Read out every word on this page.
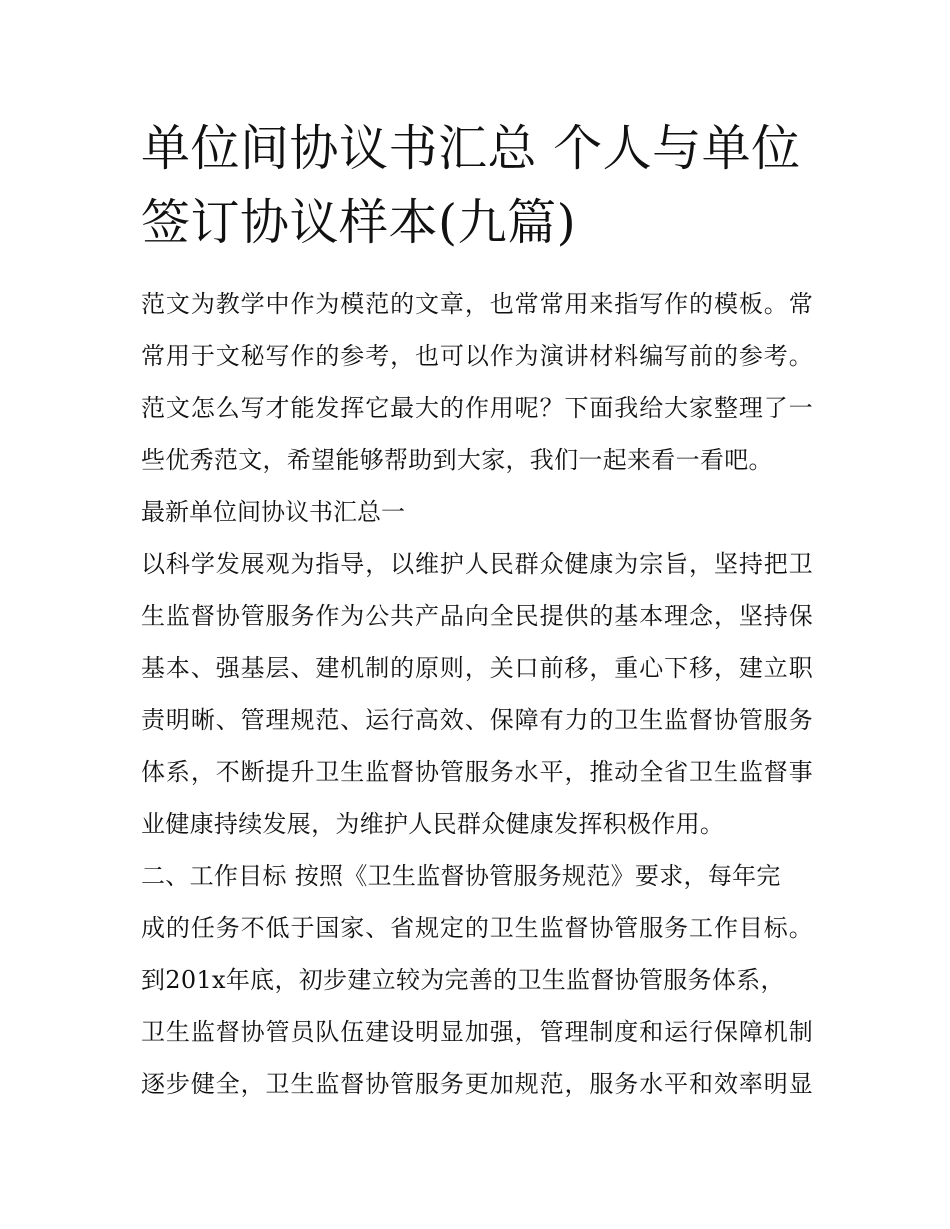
单位间协议书汇总 个人与单位
签订协议样本(九篇)
范文为教学中作为模范的文章，也常常用来指写作的模板。常
常用于文秘写作的参考，也可以作为演讲材料编写前的参考。
范文怎么写才能发挥它最大的作用呢？下面我给大家整理了一
些优秀范文，希望能够帮助到大家，我们一起来看一看吧。
最新单位间协议书汇总一
以科学发展观为指导，以维护人民群众健康为宗旨，坚持把卫
生监督协管服务作为公共产品向全民提供的基本理念，坚持保
基本、强基层、建机制的原则，关口前移，重心下移，建立职
责明晰、管理规范、运行高效、保障有力的卫生监督协管服务
体系，不断提升卫生监督协管服务水平，推动全省卫生监督事
业健康持续发展，为维护人民群众健康发挥积极作用。
二、工作目标 按照《卫生监督协管服务规范》要求，每年完
成的任务不低于国家、省规定的卫生监督协管服务工作目标。
到201x年底，初步建立较为完善的卫生监督协管服务体系，
卫生监督协管员队伍建设明显加强，管理制度和运行保障机制
逐步健全，卫生监督协管服务更加规范，服务水平和效率明显
